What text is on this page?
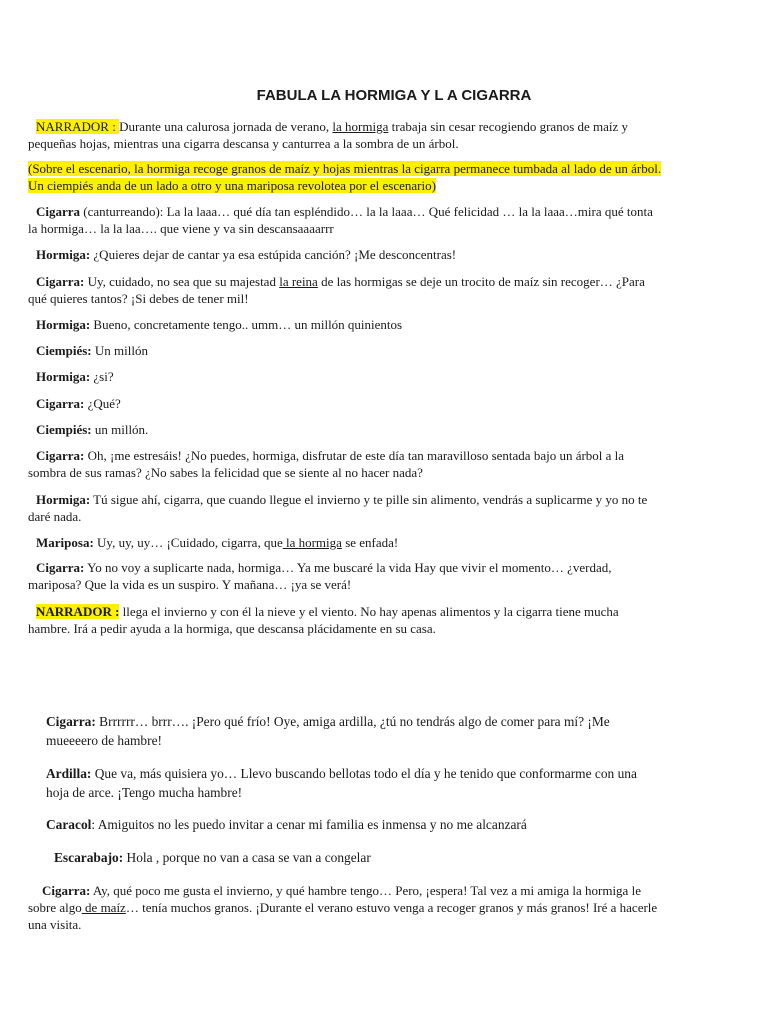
FABULA LA HORMIGA Y L A CIGARRA

NARRADOR : Durante una calurosa jornada de verano, la hormiga trabaja sin cesar recogiendo granos de maíz y pequeñas hojas, mientras una cigarra descansa y canturrea a la sombra de un árbol.

(Sobre el escenario, la hormiga recoge granos de maíz y hojas mientras la cigarra permanece tumbada al lado de un árbol. Un ciempiés anda de un lado a otro y una mariposa revolotea por el escenario)

Cigarra (canturreando): La la laaa… qué día tan espléndido… la la laaa… Qué felicidad … la la laaa…mira qué tonta la hormiga… la la laa…. que viene y va sin descansaaaarrr

Hormiga: ¿Quieres dejar de cantar ya esa estúpida canción? ¡Me desconcentras!

Cigarra: Uy, cuidado, no sea que su majestad la reina de las hormigas se deje un trocito de maíz sin recoger… ¿Para qué quieres tantos? ¡Si debes de tener mil!

Hormiga: Bueno, concretamente tengo.. umm… un millón quinientos

Ciempiés: Un millón

Hormiga: ¿si?

Cigarra: ¿Qué?

Ciempiés: un millón.

Cigarra: Oh, ¡me estresáis! ¿No puedes, hormiga, disfrutar de este día tan maravilloso sentada bajo un árbol a la sombra de sus ramas? ¿No sabes la felicidad que se siente al no hacer nada?

Hormiga: Tú sigue ahí, cigarra, que cuando llegue el invierno y te pille sin alimento, vendrás a suplicarme y yo no te daré nada.

Mariposa: Uy, uy, uy… ¡Cuidado, cigarra, que la hormiga se enfada!

Cigarra: Yo no voy a suplicarte nada, hormiga… Ya me buscaré la vida Hay que vivir el momento… ¿verdad, mariposa? Que la vida es un suspiro. Y mañana… ¡ya se verá!

NARRADOR : llega el invierno y con él la nieve y el viento. No hay apenas alimentos y la cigarra tiene mucha hambre. Irá a pedir ayuda a la hormiga, que descansa plácidamente en su casa.

Cigarra: Brrrrrr… brrr…. ¡Pero qué frío! Oye, amiga ardilla, ¿tú no tendrás algo de comer para mí? ¡Me mueeeero de hambre!

Ardilla: Que va, más quisiera yo… Llevo buscando bellotas todo el día y he tenido que conformarme con una hoja de arce. ¡Tengo mucha hambre!

Caracol: Amiguitos no les puedo invitar a cenar mi familia es inmensa y no me alcanzará

Escarabajo: Hola , porque no van a casa se van a congelar

Cigarra: Ay, qué poco me gusta el invierno, y qué hambre tengo… Pero, ¡espera! Tal vez a mi amiga la hormiga le sobre algo de maíz… tenía muchos granos. ¡Durante el verano estuvo venga a recoger granos y más granos! Iré a hacerle una visita.
